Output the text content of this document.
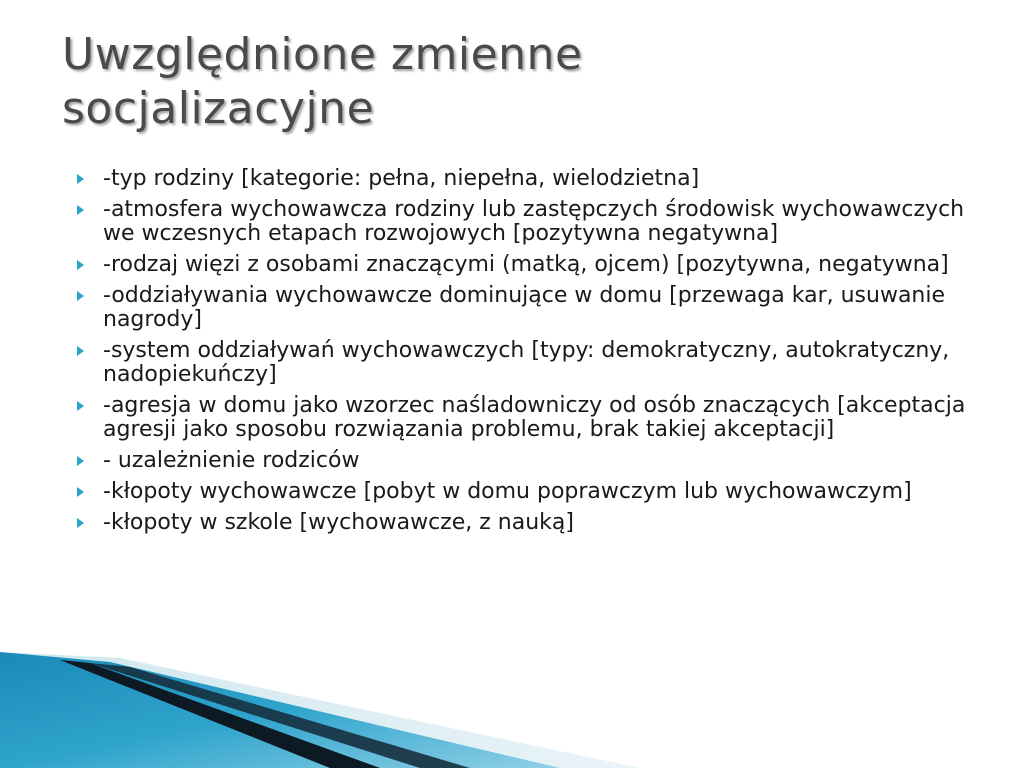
Uwzględnione zmienne
socjalizacyjne
-typ rodziny [kategorie: pełna, niepełna, wielodzietna]
-atmosfera wychowawcza rodziny lub zastępczych środowisk wychowawczych we wczesnych etapach rozwojowych [pozytywna negatywna]
-rodzaj więzi z osobami znaczącymi (matką, ojcem) [pozytywna, negatywna]
-oddziaływania wychowawcze dominujące w domu [przewaga kar, usuwanie nagrody]
-system oddziaływań wychowawczych [typy: demokratyczny, autokratyczny, nadopiekuńczy]
-agresja w domu jako wzorzec naśladowniczy od osób znaczących [akceptacja agresji jako sposobu rozwiązania problemu, brak takiej akceptacji]
- uzależnienie rodziców
-kłopoty wychowawcze [pobyt w domu poprawczym lub wychowawczym]
-kłopoty w szkole [wychowawcze, z nauką]
